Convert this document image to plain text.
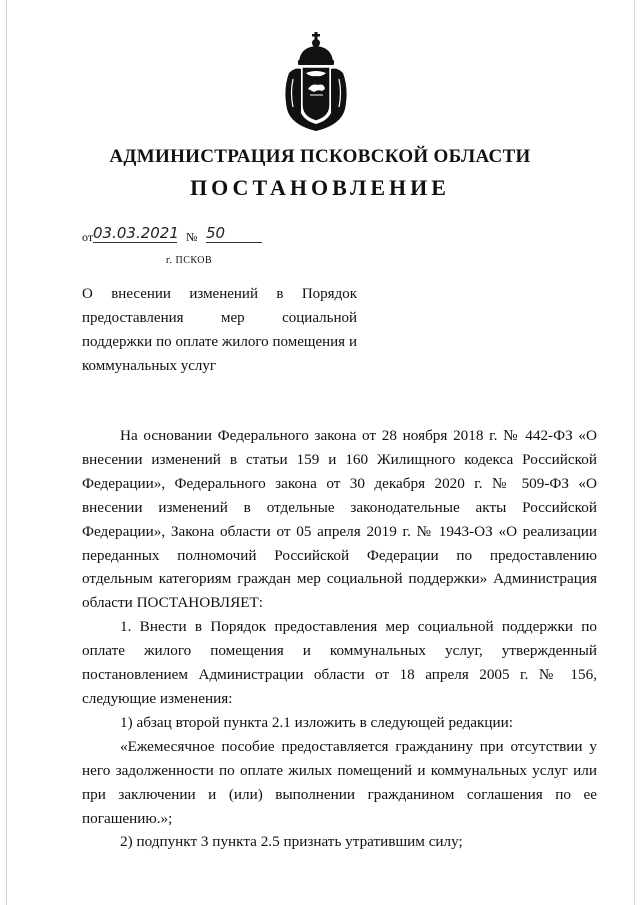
АДМИНИСТРАЦИЯ ПСКОВСКОЙ ОБЛАСТИ
ПОСТАНОВЛЕНИЕ
от 03.03.2021 № 50
г. ПСКОВ
О внесении изменений в Порядок предоставления мер социальной поддержки по оплате жилого помещения и коммунальных услуг

На основании Федерального закона от 28 ноября 2018 г. № 442-ФЗ «О внесении изменений в статьи 159 и 160 Жилищного кодекса Российской Федерации», Федерального закона от 30 декабря 2020 г. № 509-ФЗ «О внесении изменений в отдельные законодательные акты Российской Федерации», Закона области от 05 апреля 2019 г. № 1943-ОЗ «О реализации переданных полномочий Российской Федерации по предоставлению отдельным категориям граждан мер социальной поддержки» Администрация области ПОСТАНОВЛЯЕТ:

1. Внести в Порядок предоставления мер социальной поддержки по оплате жилого помещения и коммунальных услуг, утвержденный постановлением Администрации области от 18 апреля 2005 г. № 156, следующие изменения:

1) абзац второй пункта 2.1 изложить в следующей редакции:

«Ежемесячное пособие предоставляется гражданину при отсутствии у него задолженности по оплате жилых помещений и коммунальных услуг или при заключении и (или) выполнении гражданином соглашения по ее погашению.»;

2) подпункт 3 пункта 2.5 признать утратившим силу;
